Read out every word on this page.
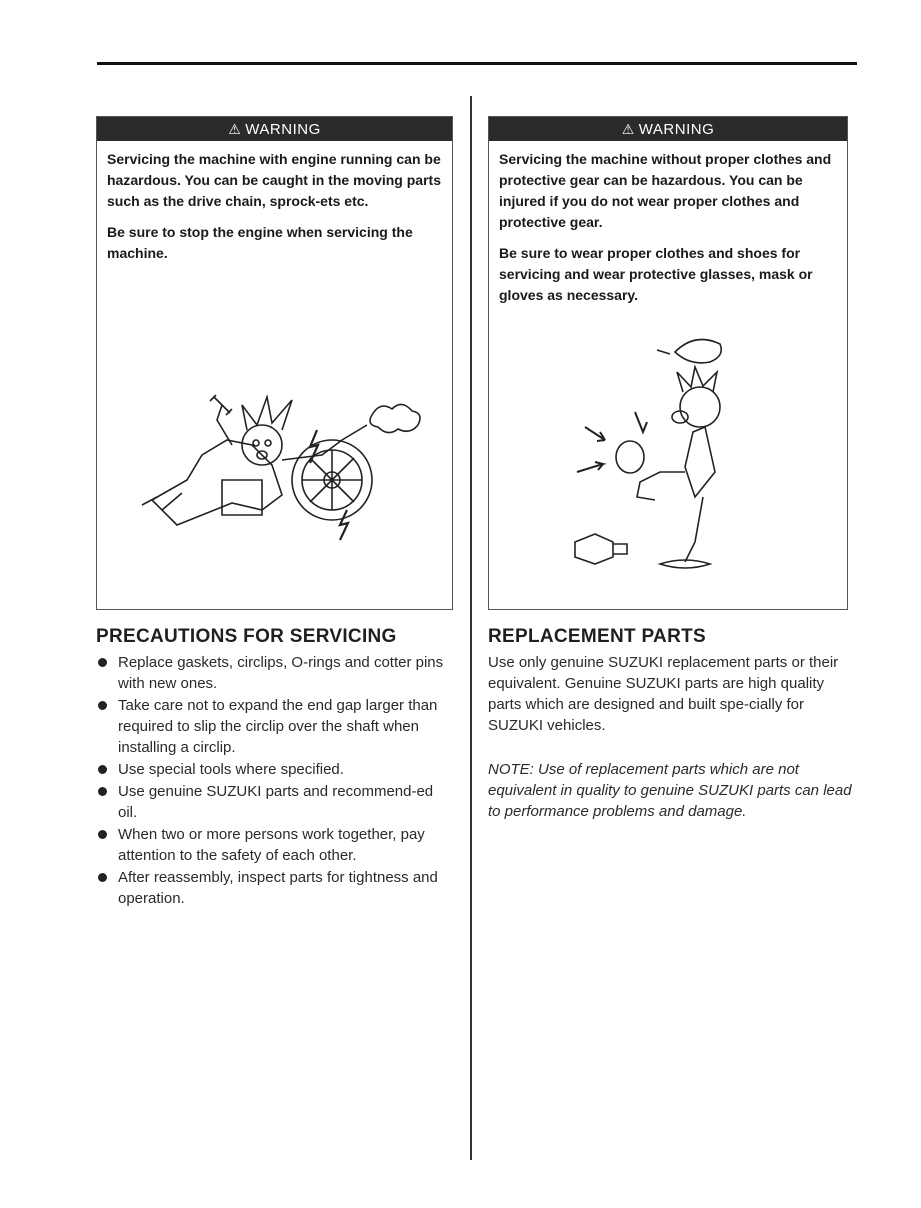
⚠ WARNING

Servicing the machine with engine running can be hazardous. You can be caught in the moving parts such as the drive chain, sprock-ets etc.

Be sure to stop the engine when servicing the machine.

⚠ WARNING

Servicing the machine without proper clothes and protective gear can be hazardous. You can be injured if you do not wear proper clothes and protective gear.

Be sure to wear proper clothes and shoes for servicing and wear protective glasses, mask or gloves as necessary.

PRECAUTIONS FOR SERVICING
Replace gaskets, circlips, O-rings and cotter pins with new ones.
Take care not to expand the end gap larger than required to slip the circlip over the shaft when installing a circlip.
Use special tools where specified.
Use genuine SUZUKI parts and recommend-ed oil.
When two or more persons work together, pay attention to the safety of each other.
After reassembly, inspect parts for tightness and operation.
REPLACEMENT PARTS

Use only genuine SUZUKI replacement parts or their equivalent. Genuine SUZUKI parts are high quality parts which are designed and built spe-cially for SUZUKI vehicles.

NOTE: Use of replacement parts which are not equivalent in quality to genuine SUZUKI parts can lead to performance problems and damage.
